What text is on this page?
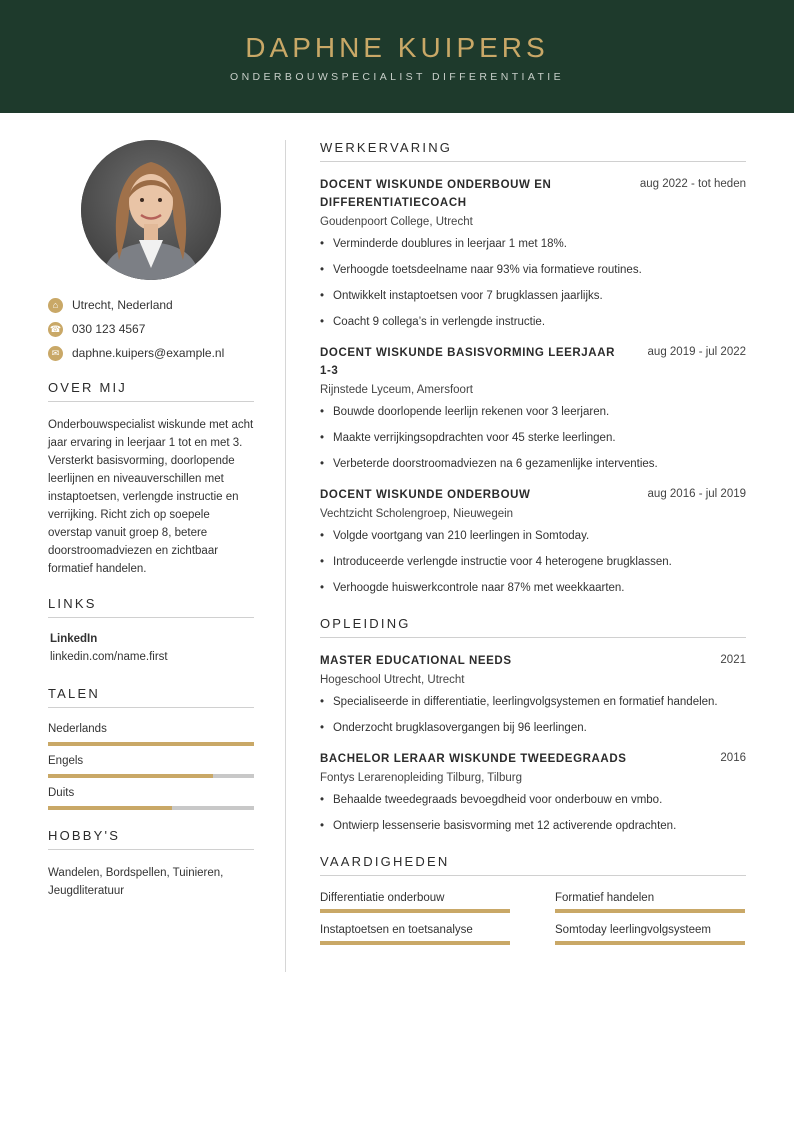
DAPHNE KUIPERS
ONDERBOUWSPECIALIST DIFFERENTIATIE
⌂	Utrecht, Nederland
☎ 030 123 4567
✉	daphne.kuipers@example.nl
OVER MIJ
Onderbouwspecialist wiskunde met acht jaar ervaring in leerjaar 1 tot en met 3. Versterkt basisvorming, doorlopende leerlijnen en niveauverschillen met instaptoetsen, verlengde instructie en verrijking. Richt zich op soepele overstap vanuit groep 8, betere doorstroomadviezen en zichtbaar formatief handelen.
LINKS
LinkedIn
linkedin.com/name.first
TALEN
Nederlands
Engels
Duits
HOBBY'S
Wandelen, Bordspellen, Tuinieren, Jeugdliteratuur
WERKERVARING
DOCENT WISKUNDE ONDERBOUW EN DIFFERENTIATIECOACH
aug 2022 - tot heden
Goudenpoort College, Utrecht
• Verminderde doublures in leerjaar 1 met 18%.
• Verhoogde toetsdeelname naar 93% via formatieve routines.
• Ontwikkelt instaptoetsen voor 7 brugklassen jaarlijks.
• Coacht 9 collega’s in verlengde instructie.
DOCENT WISKUNDE BASISVORMING LEERJAAR 1-3
aug 2019 - jul 2022
Rijnstede Lyceum, Amersfoort
• Bouwde doorlopende leerlijn rekenen voor 3 leerjaren.
• Maakte verrijkingsopdrachten voor 45 sterke leerlingen.
• Verbeterde doorstroomadviezen na 6 gezamenlijke interventies.
DOCENT WISKUNDE ONDERBOUW	aug 2016 - jul 2019
Vechtzicht Scholengroep, Nieuwegein
• Volgde voortgang van 210 leerlingen in Somtoday.
• Introduceerde verlengde instructie voor 4 heterogene brugklassen.
• Verhoogde huiswerkcontrole naar 87% met weekkaarten.
OPLEIDING
MASTER EDUCATIONAL NEEDS	2021
Hogeschool Utrecht, Utrecht
• Specialiseerde in differentiatie, leerlingvolgsystemen en formatief handelen.
• Onderzocht brugklasovergangen bij 96 leerlingen.
BACHELOR LERAAR WISKUNDE TWEEDEGRAADS	2016
Fontys Lerarenopleiding Tilburg, Tilburg
• Behaalde tweedegraads bevoegdheid voor onderbouw en vmbo.
• Ontwierp lessenserie basisvorming met 12 activerende opdrachten.
VAARDIGHEDEN
Differentiatie onderbouw	Formatief handelen
Instaptoetsen en toetsanalyse	Somtoday leerlingvolgsysteem
